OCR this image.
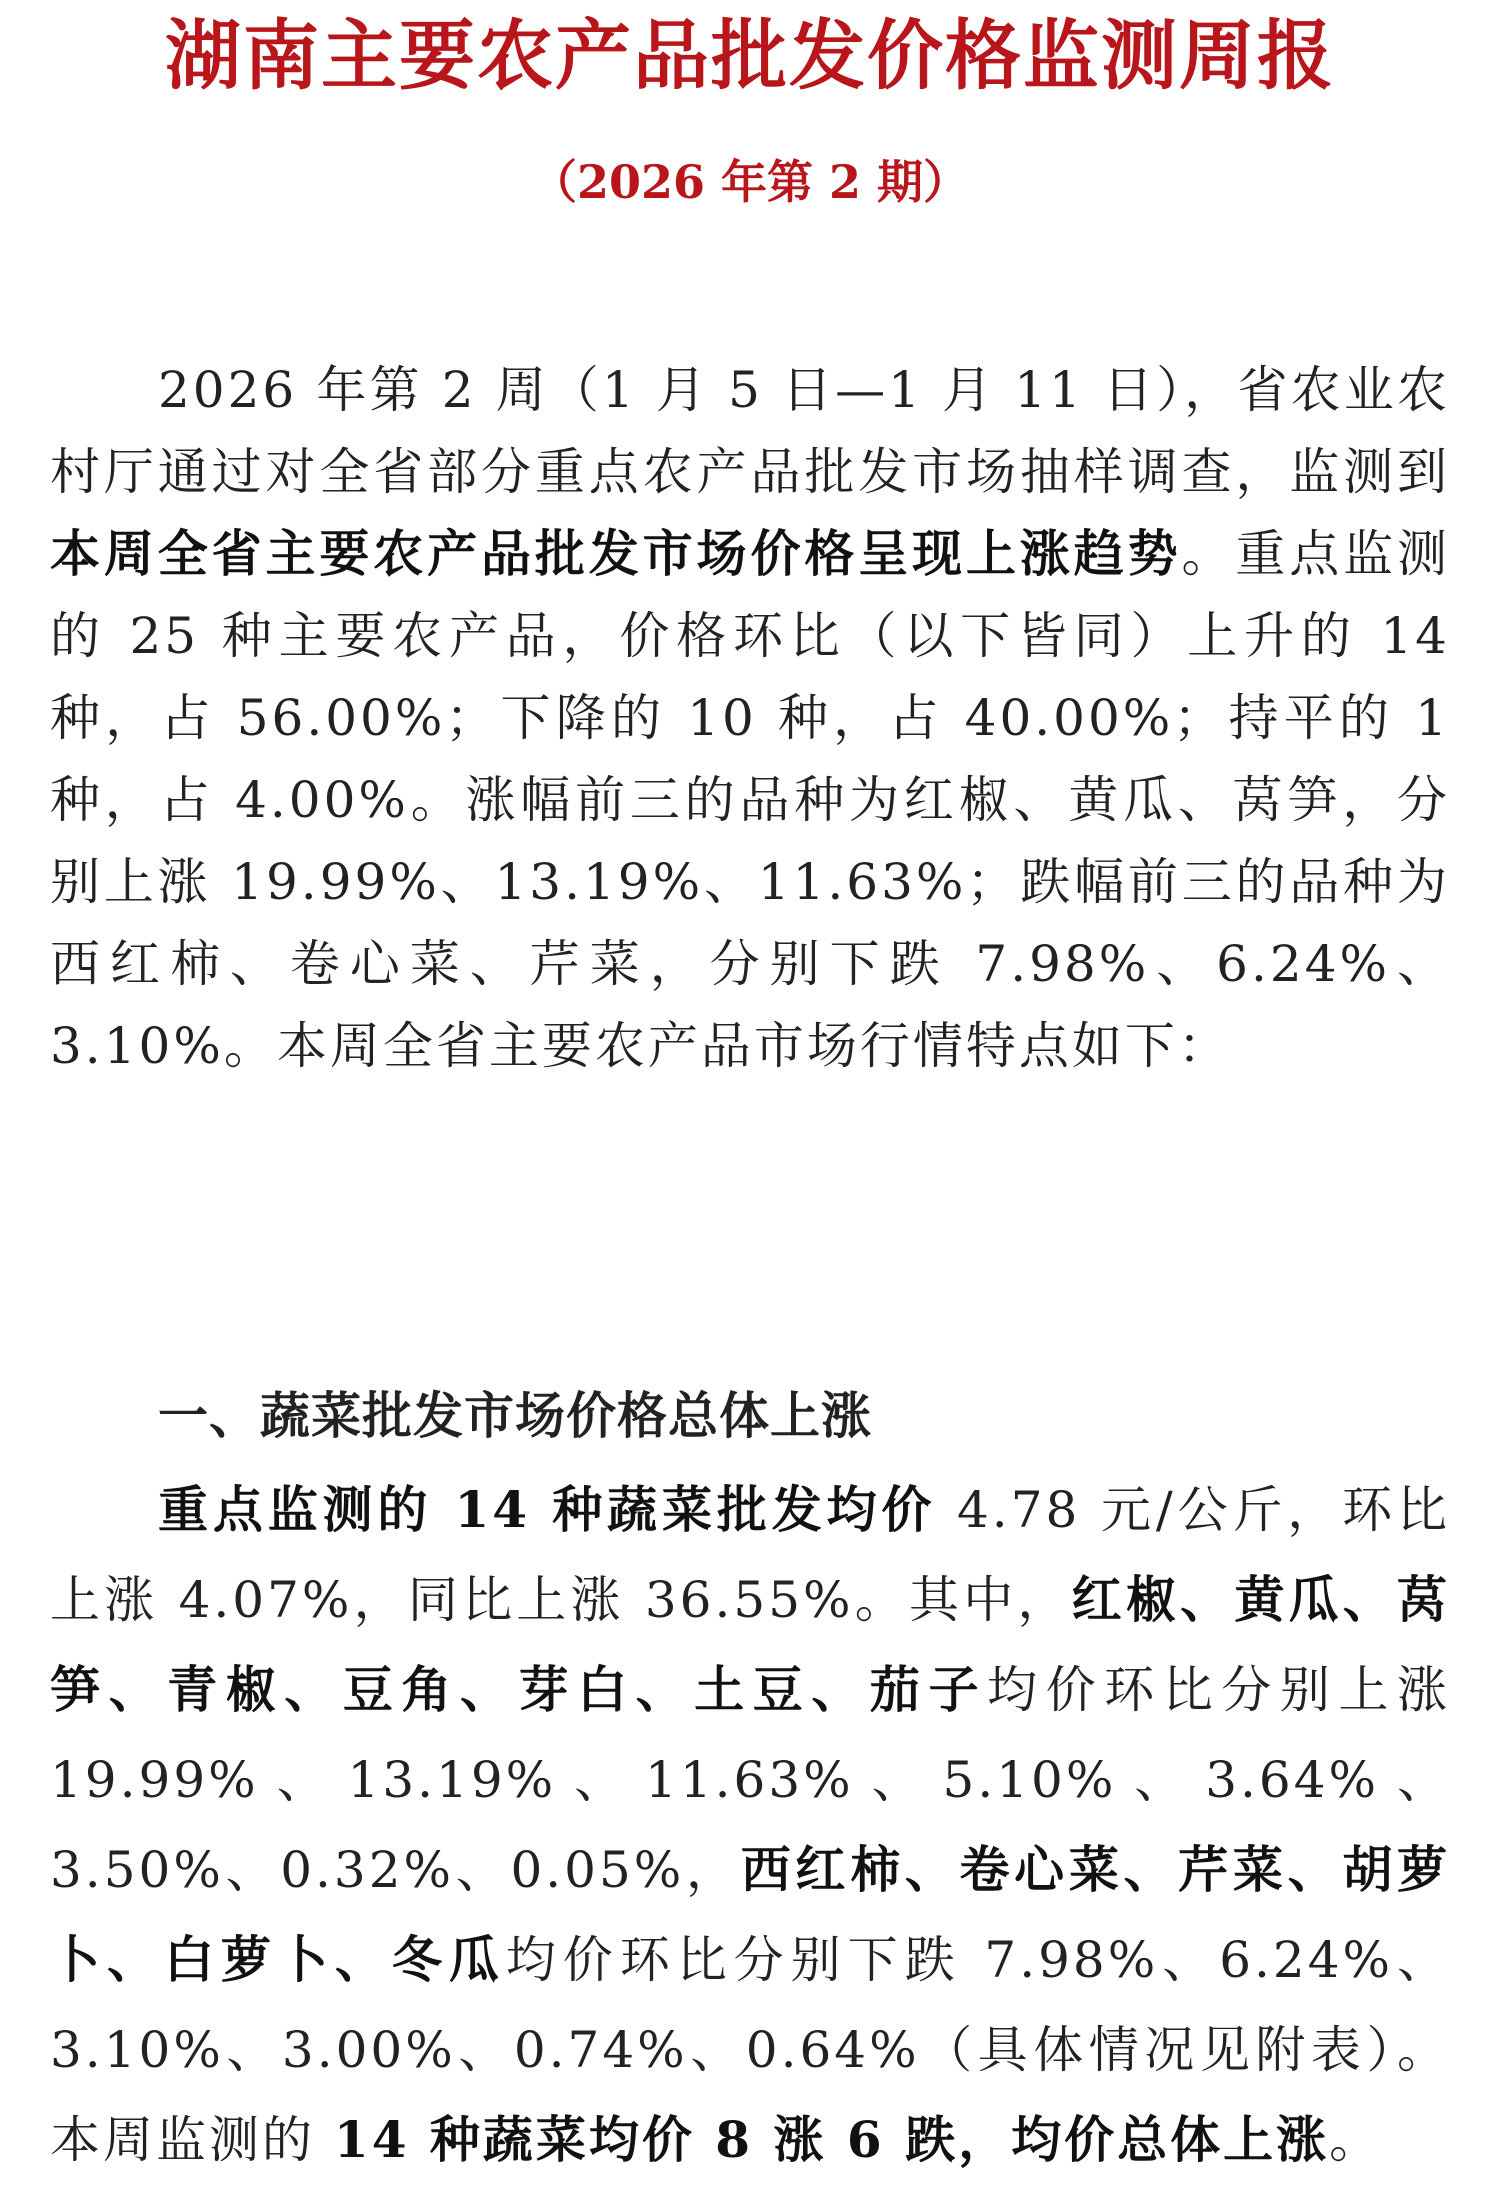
湖南主要农产品批发价格监测周报
（2026 年第 2 期）

2026 年第 2 周（1 月 5 日—1 月 11 日），省农业农村厅通过对全省部分重点农产品批发市场抽样调查，监测到本周全省主要农产品批发市场价格呈现上涨趋势。重点监测的 25 种主要农产品，价格环比（以下皆同）上升的 14 种，占 56.00%；下降的 10 种，占 40.00%；持平的 1 种，占 4.00%。涨幅前三的品种为红椒、黄瓜、莴笋，分别上涨 19.99%、13.19%、11.63%；跌幅前三的品种为西红柿、卷心菜、芹菜，分别下跌 7.98%、6.24%、3.10%。本周全省主要农产品市场行情特点如下：

一、蔬菜批发市场价格总体上涨

重点监测的 14 种蔬菜批发均价 4.78 元/公斤，环比上涨 4.07%，同比上涨 36.55%。其中，红椒、黄瓜、莴笋、青椒、豆角、芽白、土豆、茄子均价环比分别上涨 19.99%、13.19%、11.63%、5.10%、3.64%、3.50%、0.32%、0.05%，西红柿、卷心菜、芹菜、胡萝卜、白萝卜、冬瓜均价环比分别下跌 7.98%、6.24%、3.10%、3.00%、0.74%、0.64%（具体情况见附表）。本周监测的 14 种蔬菜均价 8 涨 6 跌，均价总体上涨。
